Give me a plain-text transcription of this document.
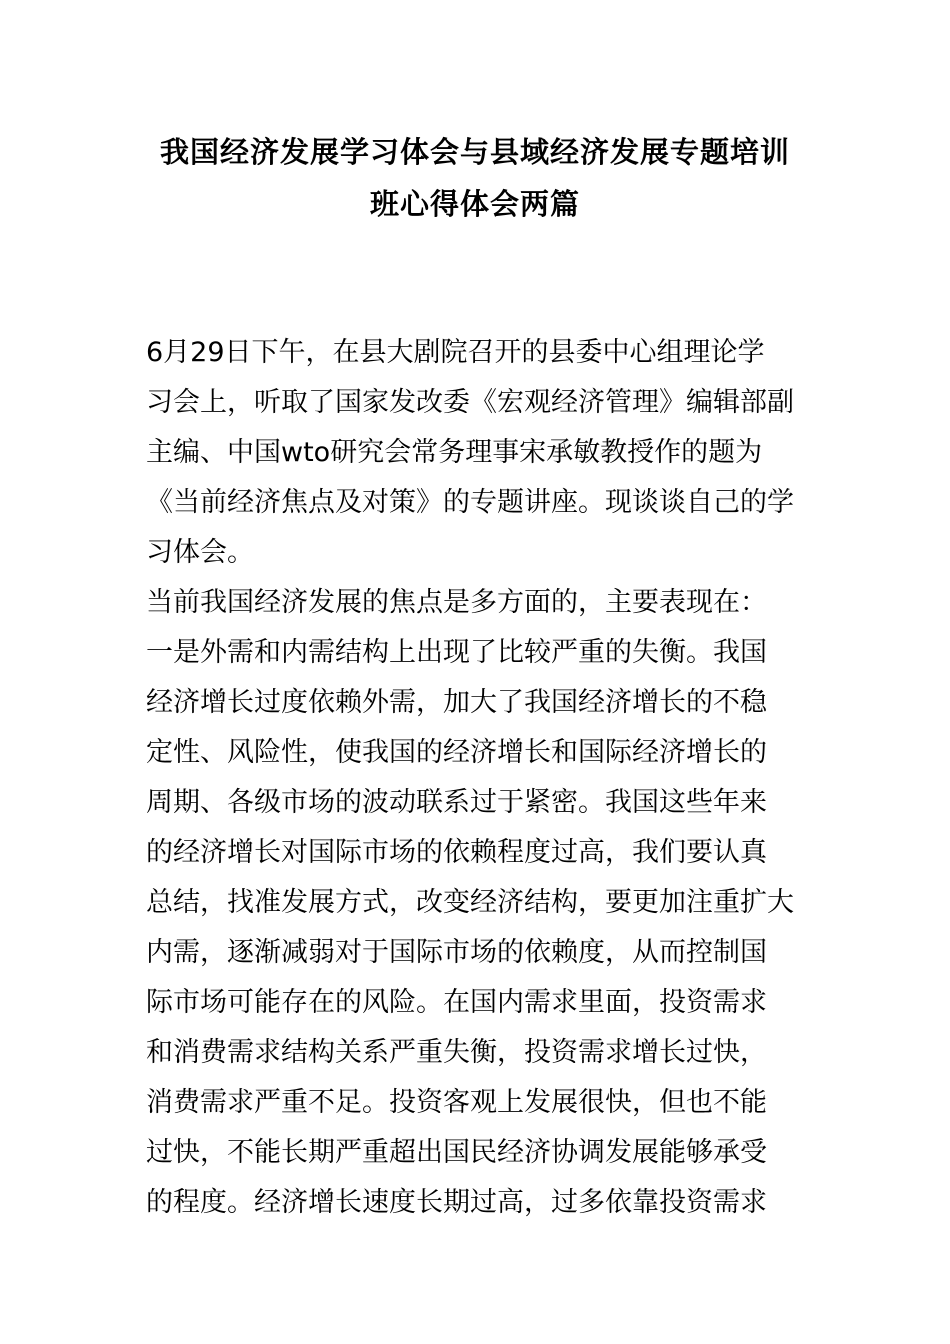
我国经济发展学习体会与县域经济发展专题培训
班心得体会两篇
6月29日下午，在县大剧院召开的县委中心组理论学
习会上，听取了国家发改委《宏观经济管理》编辑部副
主编、中国wto研究会常务理事宋承敏教授作的题为
《当前经济焦点及对策》的专题讲座。现谈谈自己的学
习体会。
当前我国经济发展的焦点是多方面的，主要表现在：
一是外需和内需结构上出现了比较严重的失衡。我国
经济增长过度依赖外需，加大了我国经济增长的不稳
定性、风险性，使我国的经济增长和国际经济增长的
周期、各级市场的波动联系过于紧密。我国这些年来
的经济增长对国际市场的依赖程度过高，我们要认真
总结，找准发展方式，改变经济结构，要更加注重扩大
内需，逐渐减弱对于国际市场的依赖度，从而控制国
际市场可能存在的风险。在国内需求里面，投资需求
和消费需求结构关系严重失衡，投资需求增长过快，
消费需求严重不足。投资客观上发展很快，但也不能
过快，不能长期严重超出国民经济协调发展能够承受
的程度。经济增长速度长期过高，过多依靠投资需求
